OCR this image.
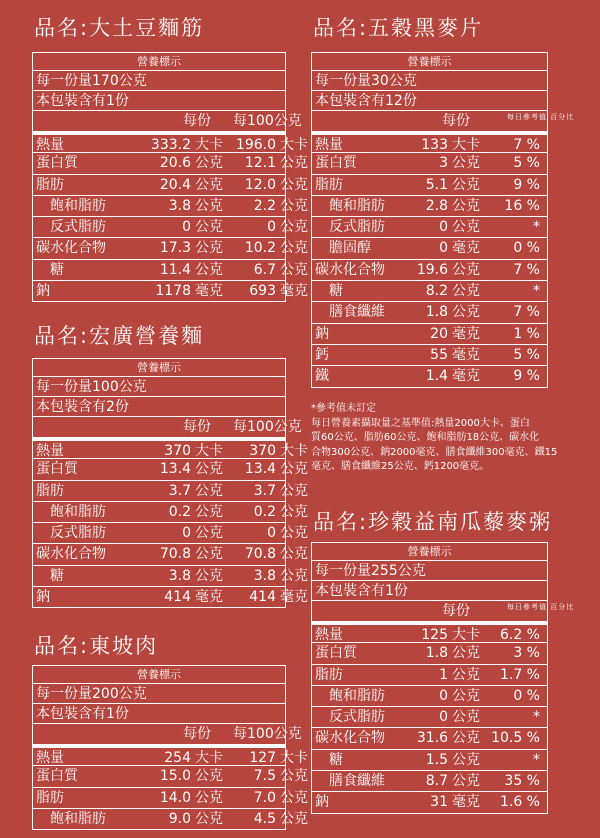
品名:大土豆麵筋
品名:宏廣營養麵
品名:東坡肉
品名:五穀黑麥片
品名:珍穀益南瓜藜麥粥
營養標示
每一份量170公克
本包裝含有1份
每份 每100公克
熱量	333.2 大卡 196.0 大卡
蛋白質	20.6 公克	12.1 公克
脂肪	20.4 公克	12.0 公克
飽和脂肪	3.8 公克	2.2 公克
反式脂肪	0 公克	0 公克
碳水化合物	17.3 公克	10.2 公克
糖	11.4 公克	6.7 公克
鈉	1178 毫克	693 毫克
營養標示
每一份量100公克
本包裝含有2份
每份 每100公克
熱量	370 大卡	370 大卡
蛋白質	13.4 公克	13.4 公克
脂肪	3.7 公克	3.7 公克
飽和脂肪	0.2 公克	0.2 公克
反式脂肪	0 公克	0 公克
碳水化合物	70.8 公克	70.8 公克
糖	3.8 公克	3.8 公克
鈉	414 毫克	414 毫克
營養標示
每一份量200公克
本包裝含有1份
每份 每100公克
熱量	254 大卡	127 大卡
蛋白質	15.0 公克	7.5 公克
脂肪	14.0 公克	7.0 公克
飽和脂肪	9.0 公克	4.5 公克
營養標示
每一份量30公克
本包裝含有12份
每份	每日參考值 百分比
熱量	133 大卡	7 %
蛋白質	3 公克	5 %
脂肪	5.1 公克	9 %
飽和脂肪	2.8 公克	16 %
反式脂肪	0 公克	*
膽固醇	0 毫克	0 %
碳水化合物	19.6 公克	7 %
糖	8.2 公克	*
膳食纖維	1.8 公克	7 %
鈉	20 毫克	1 %
鈣	55 毫克	5 %
鐵	1.4 毫克	9 %
營養標示
每一份量255公克
本包裝含有1份
每份	每日參考值 百分比
熱量	125 大卡	6.2 %
蛋白質	1.8 公克	3 %
脂肪	1 公克	1.7 %
飽和脂肪	0 公克	0 %
反式脂肪	0 公克	*
碳水化合物	31.6 公克 10.5 %
糖	1.5 公克	*
膳食纖維	8.7 公克	35 %
鈉	31 毫克	1.6 %
*參考值未訂定
每日營養素攝取量之基準值:熱量2000大卡、蛋白
質60公克、脂肪60公克、飽和脂肪18公克、碳水化
合物300公克、鈉2000毫克、膳食纖維300毫克、鐵15
毫克、膳食纖維25公克、鈣1200毫克。
